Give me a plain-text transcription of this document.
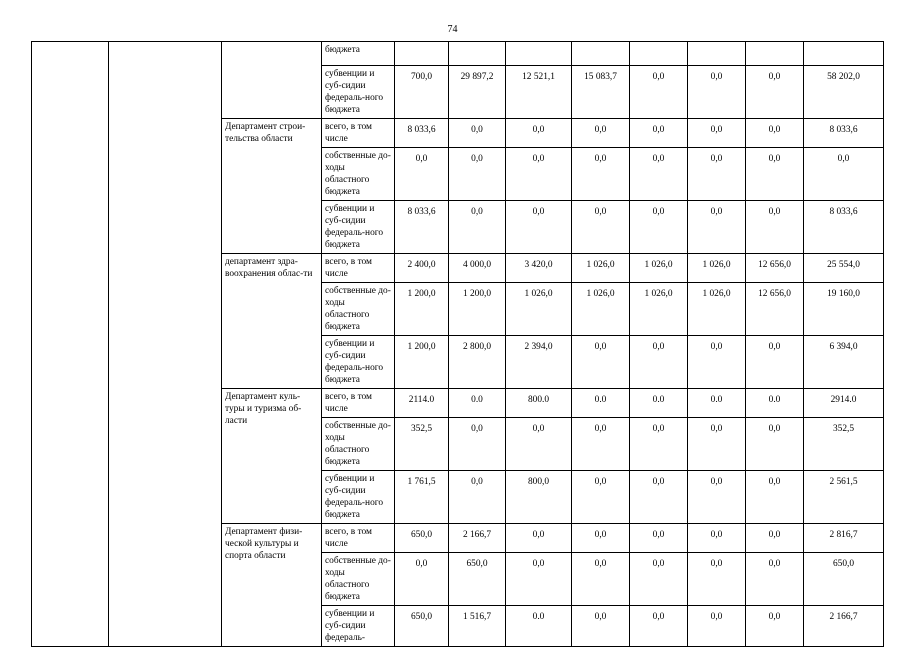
74
			бюджета								
			субвенции и суб-сидии федераль-ного бюджета	700,0	29 897,2	12 521,1	15 083,7	0,0	0,0	0,0	58 202,0
		Департамент строи-тельства области	всего, в том числе	8 033,6	0,0	0,0	0,0	0,0	0,0	0,0	8 033,6
			собственные до-ходы областного бюджета	0,0	0,0	0,0	0,0	0,0	0,0	0,0	0,0
			субвенции и суб-сидии федераль-ного бюджета	8 033,6	0,0	0,0	0,0	0,0	0,0	0,0	8 033,6
		департамент здра-воохранения облас-ти	всего, в том числе	2 400,0	4 000,0	3 420,0	1 026,0	1 026,0	1 026,0	12 656,0	25 554,0
			собственные до-ходы областного бюджета	1 200,0	1 200,0	1 026,0	1 026,0	1 026,0	1 026,0	12 656,0	19 160,0
			субвенции и суб-сидии федераль-ного бюджета	1 200,0	2 800,0	2 394,0	0,0	0,0	0,0	0,0	6 394,0
		Департамент куль-туры и туризма об-ласти	всего, в том числе	2114.0	0.0	800.0	0.0	0.0	0.0	0.0	2914.0
			собственные до-ходы областного бюджета	352,5	0,0	0,0	0,0	0,0	0,0	0,0	352,5
			субвенции и суб-сидии федераль-ного бюджета	1 761,5	0,0	800,0	0,0	0,0	0,0	0,0	2 561,5
		Департамент физи-ческой культуры и спорта области	всего, в том числе	650,0	2 166,7	0,0	0,0	0,0	0,0	0,0	2 816,7
			собственные до-ходы областного бюджета	0,0	650,0	0,0	0,0	0,0	0,0	0,0	650,0
			субвенции и суб-сидии федераль-	650,0	1 516,7	0.0	0,0	0,0	0,0	0,0	2 166,7
